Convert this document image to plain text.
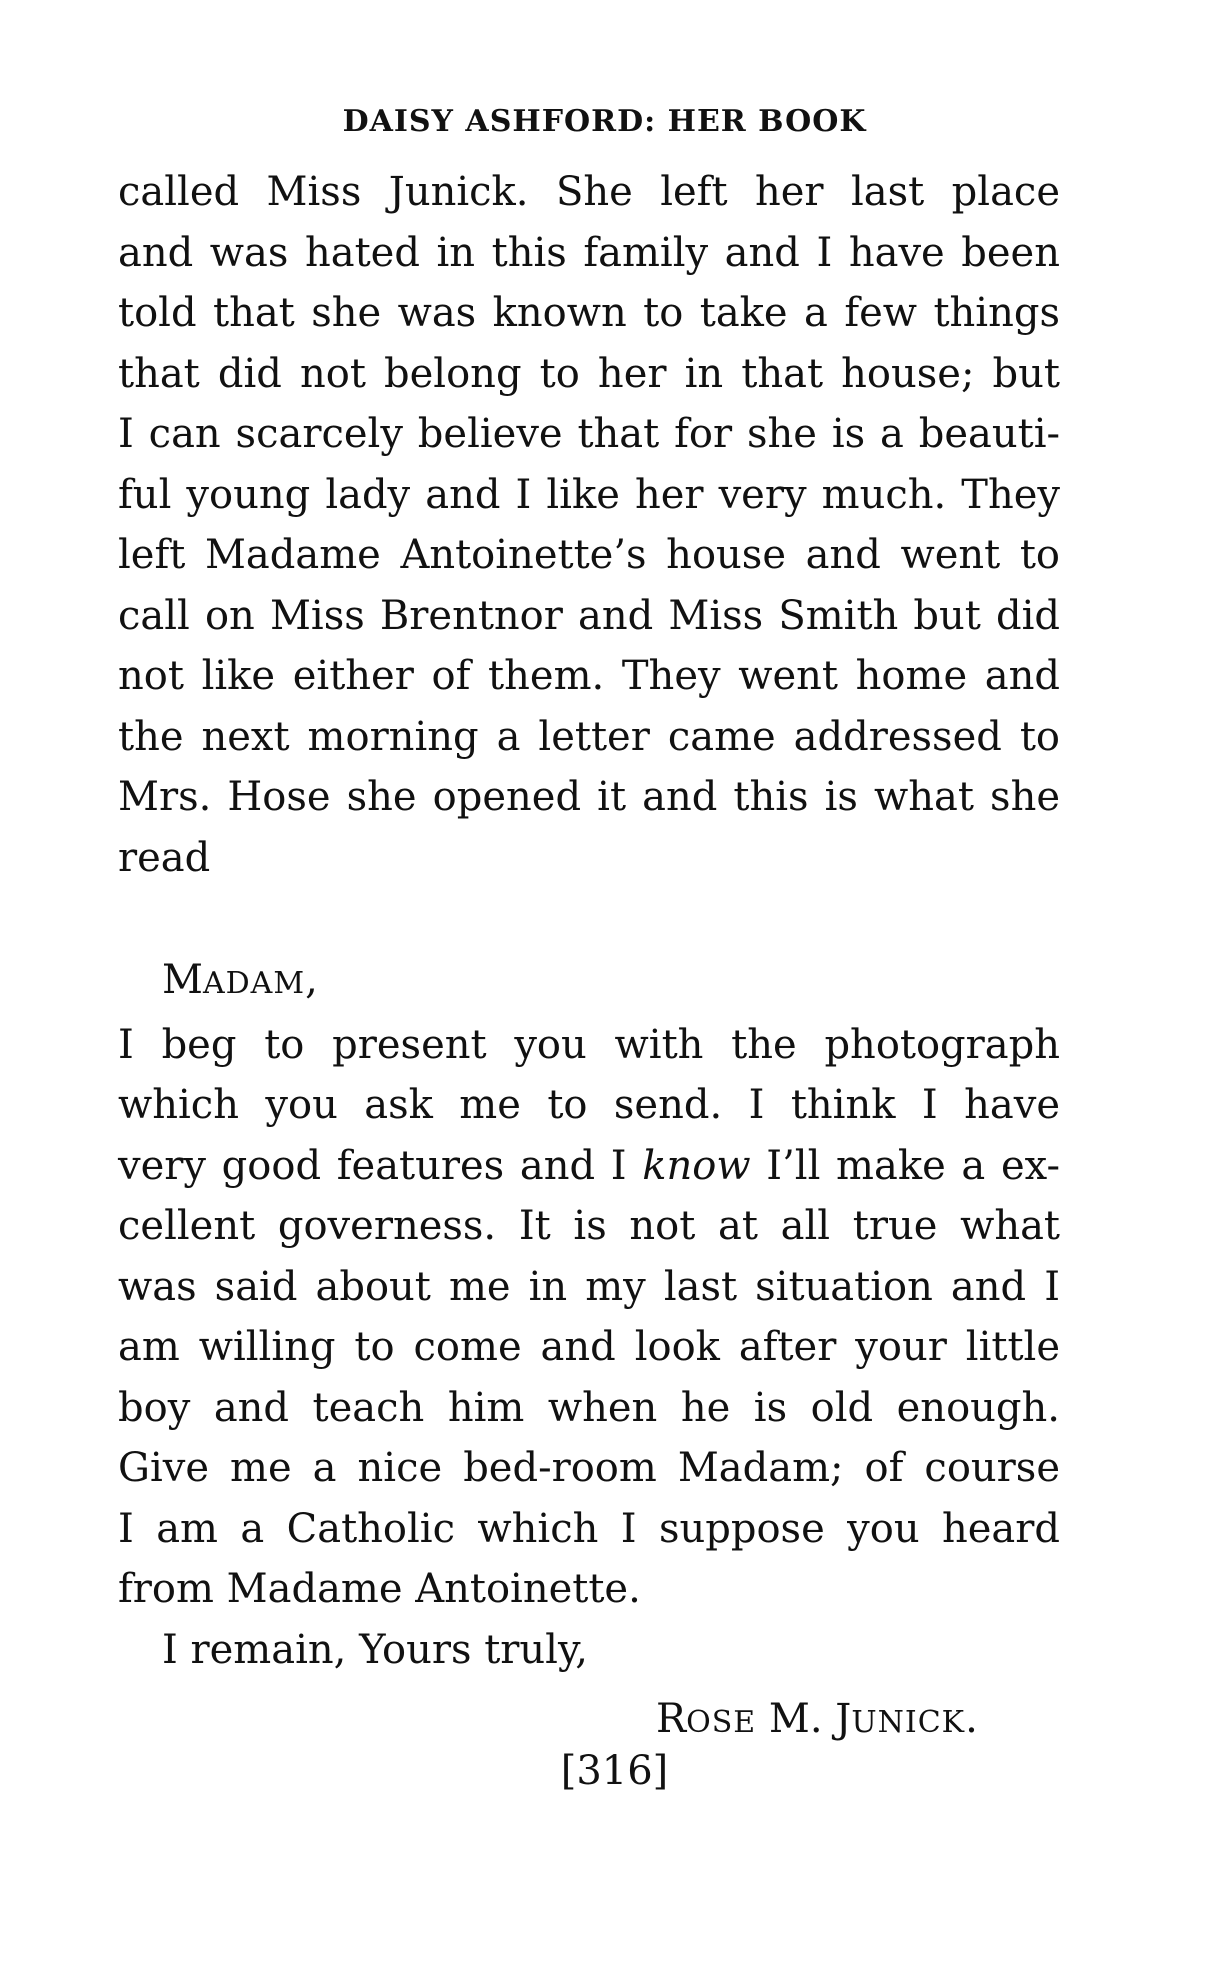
DAISY ASHFORD: HER BOOK
called Miss Junick. She left her last place
and was hated in this family and I have been
told that she was known to take a few things
that did not belong to her in that house; but
I can scarcely believe that for she is a beauti-
ful young lady and I like her very much. They
left Madame Antoinette’s house and went to
call on Miss Brentnor and Miss Smith but did
not like either of them. They went home and
the next morning a letter came addressed to
Mrs. Hose she opened it and this is what she
read
MADAM,
I beg to present you with the photograph
which you ask me to send. I think I have
very good features and I know I’ll make a ex-
cellent governess. It is not at all true what
was said about me in my last situation and I
am willing to come and look after your little
boy and teach him when he is old enough.
Give me a nice bed-room Madam; of course
I am a Catholic which I suppose you heard
from Madame Antoinette.
I remain, Yours truly,
ROSE M. JUNICK.
[316]
